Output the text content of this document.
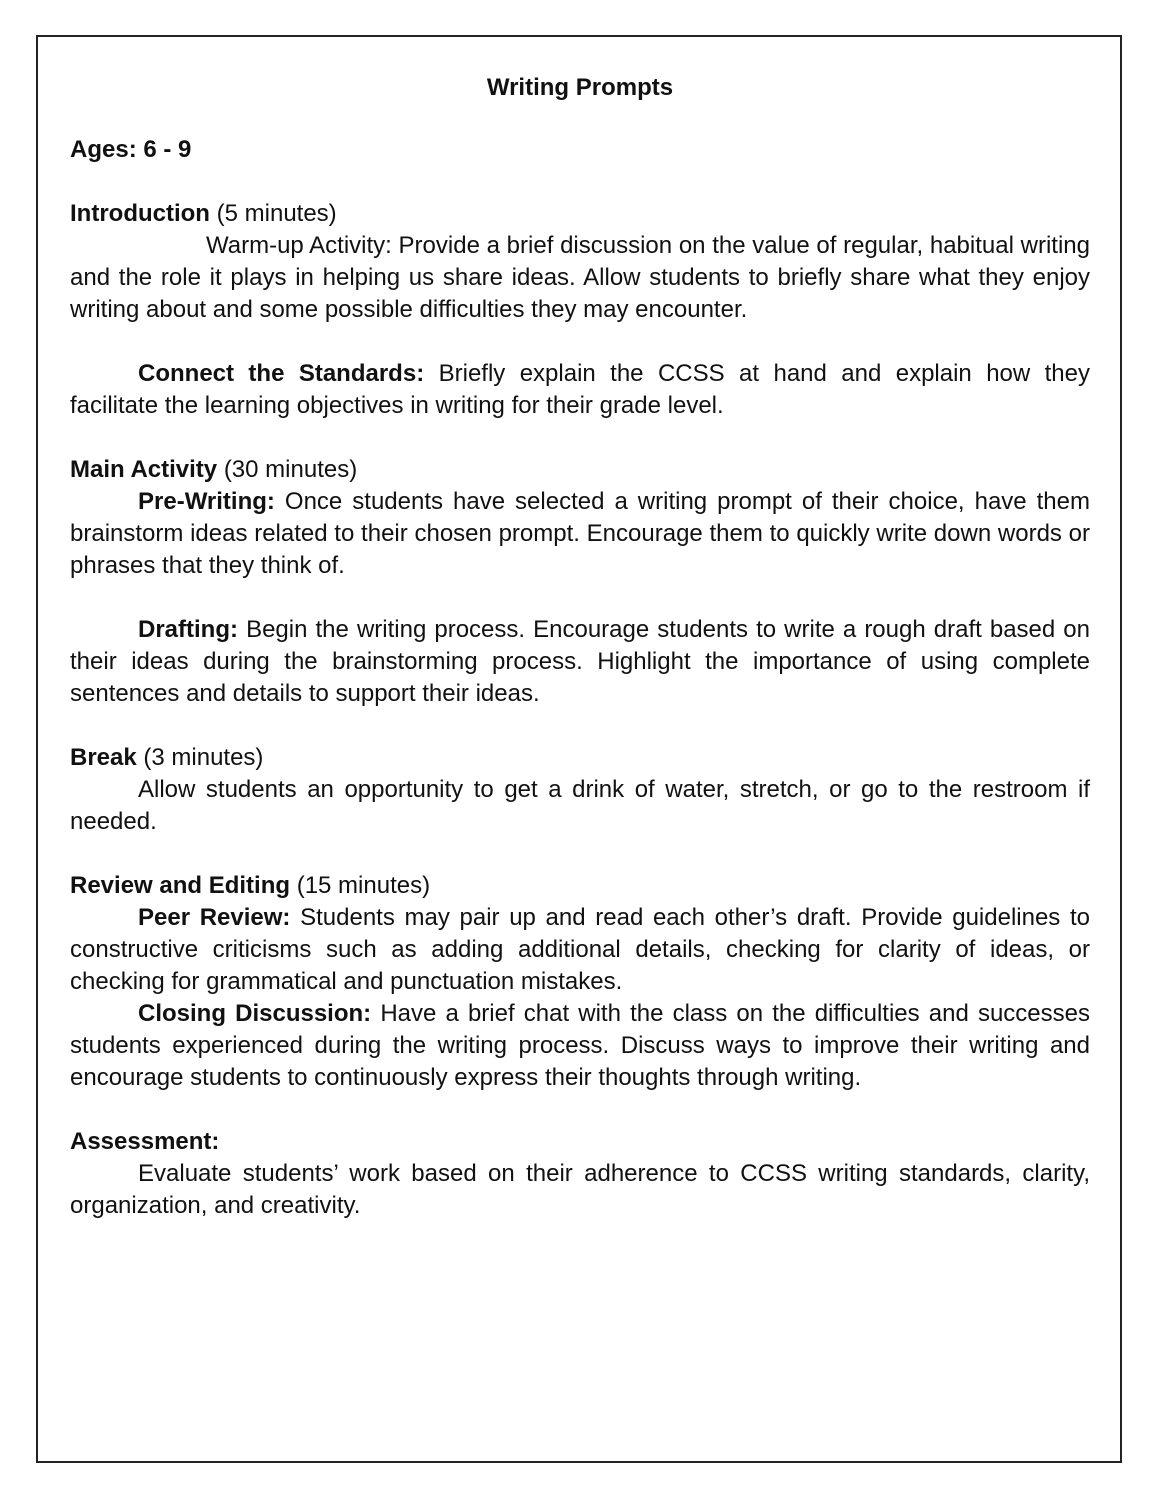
Writing Prompts

Ages: 6 - 9

Introduction (5 minutes)

Warm-up Activity: Provide a brief discussion on the value of regular, habitual writing and the role it plays in helping us share ideas. Allow students to briefly share what they enjoy writing about and some possible difficulties they may encounter.

Connect the Standards: Briefly explain the CCSS at hand and explain how they facilitate the learning objectives in writing for their grade level.

Main Activity (30 minutes)

Pre-Writing: Once students have selected a writing prompt of their choice, have them brainstorm ideas related to their chosen prompt. Encourage them to quickly write down words or phrases that they think of.

Drafting: Begin the writing process. Encourage students to write a rough draft based on their ideas during the brainstorming process. Highlight the importance of using complete sentences and details to support their ideas.

Break (3 minutes)

Allow students an opportunity to get a drink of water, stretch, or go to the restroom if needed.

Review and Editing (15 minutes)

Peer Review: Students may pair up and read each other’s draft. Provide guidelines to constructive criticisms such as adding additional details, checking for clarity of ideas, or checking for grammatical and punctuation mistakes.

Closing Discussion: Have a brief chat with the class on the difficulties and successes students experienced during the writing process. Discuss ways to improve their writing and encourage students to continuously express their thoughts through writing.

Assessment:

Evaluate students’ work based on their adherence to CCSS writing standards, clarity, organization, and creativity.
